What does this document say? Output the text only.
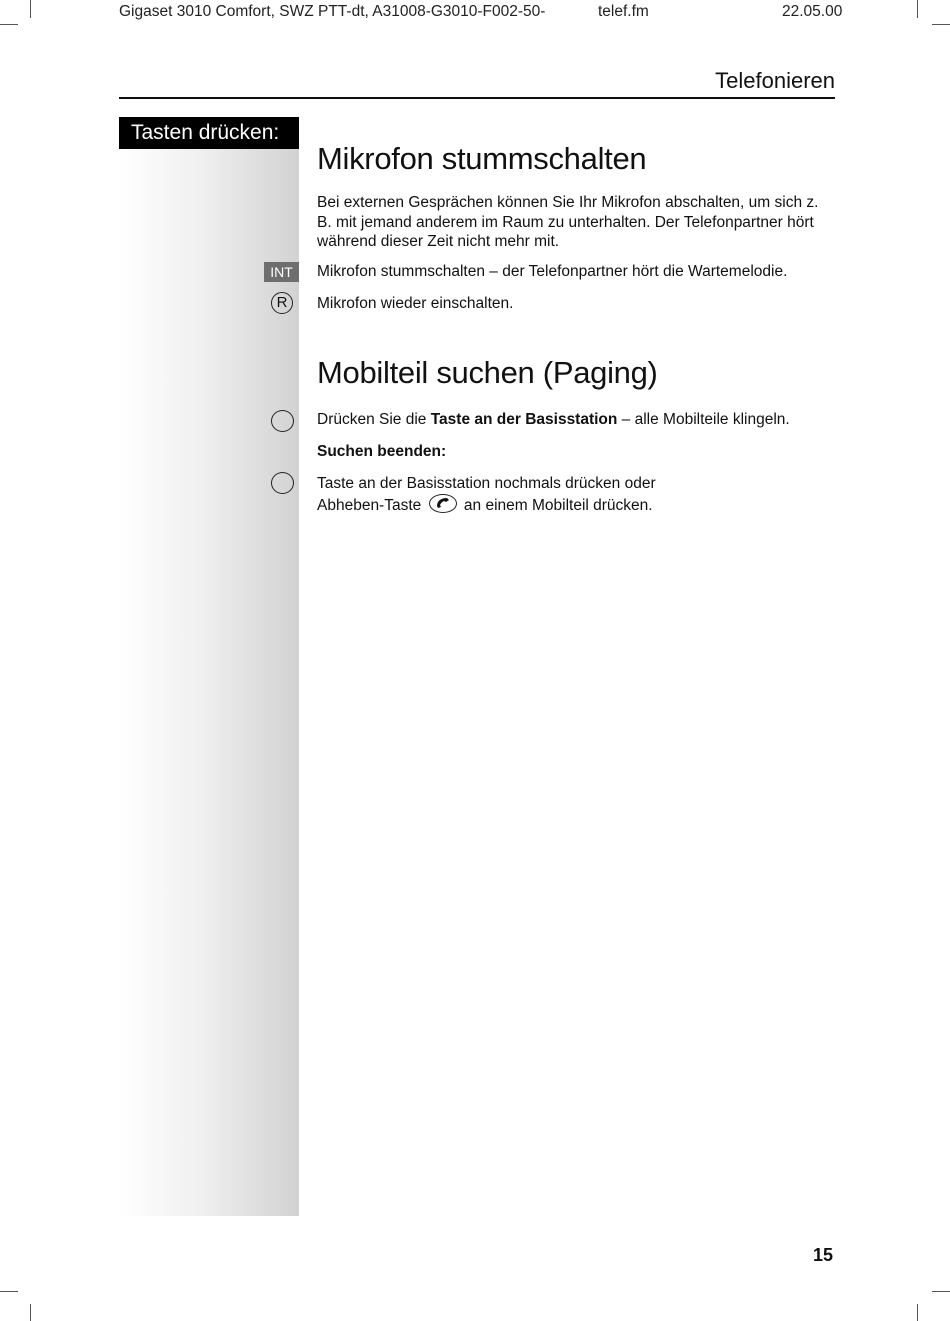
Gigaset 3010 Comfort, SWZ PTT-dt, A31008-G3010-F002-50-	telef.fm	22.05.00
Telefonieren
Tasten drücken:
Mikrofon stummschalten
Bei externen Gesprächen können Sie Ihr Mikrofon abschalten, um sich z. B. mit jemand anderem im Raum zu unterhalten. Der Telefonpartner hört während dieser Zeit nicht mehr mit.
INT	Mikrofon stummschalten – der Telefonpartner hört die Wartemelodie.
R	Mikrofon wieder einschalten.
Mobilteil suchen (Paging)
Drücken Sie die Taste an der Basisstation – alle Mobilteile klingeln.
Suchen beenden:
Taste an der Basisstation nochmals drücken oder
Abheben-Taste	an einem Mobilteil drücken.
15
